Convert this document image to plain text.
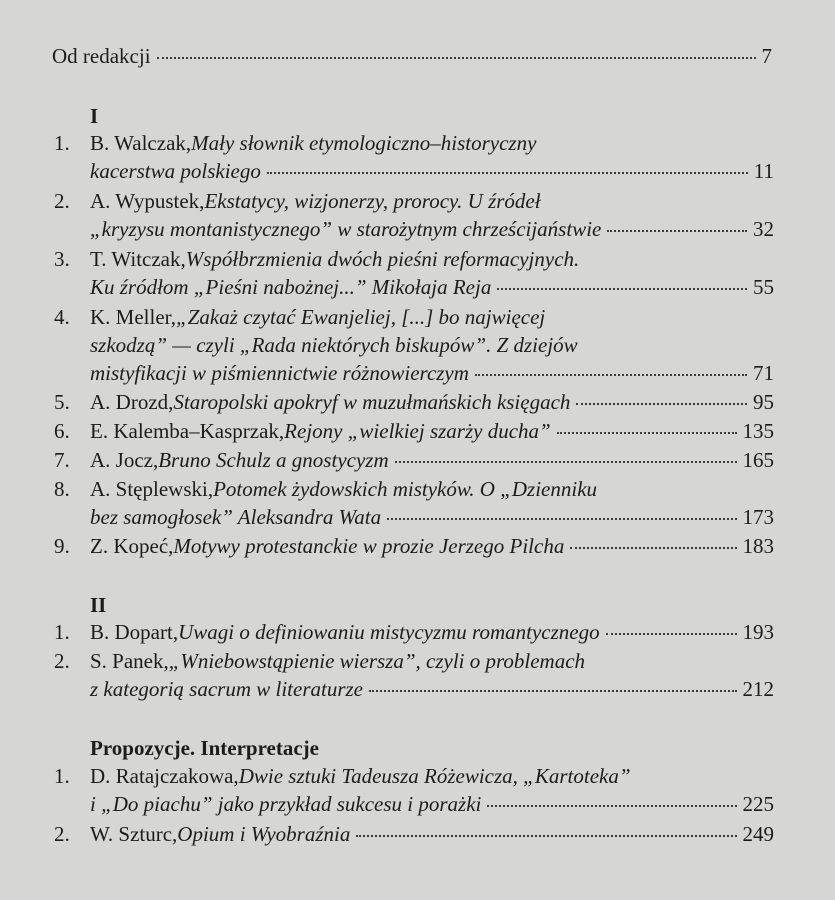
Od redakcji	7
I
1. B. Walczak, Mały słownik etymologiczno–historyczny
kacerstwa polskiego	11
2. A. Wypustek, Ekstatycy, wizjonerzy, prorocy. U źródeł
„kryzysu montanistycznego” w starożytnym chrześcijaństwie	32
3. T. Witczak, Współbrzmienia dwóch pieśni reformacyjnych.
Ku źródłom „Pieśni nabożnej...” Mikołaja Reja	55
4. K. Meller, „Zakaż czytać Ewanjeliej, [...] bo najwięcej
szkodzą” — czyli „Rada niektórych biskupów”. Z dziejów
mistyfikacji w piśmiennictwie różnowierczym	71
5. A. Drozd, Staropolski apokryf w muzułmańskich księgach	95
6. E. Kalemba–Kasprzak, Rejony „wielkiej szarży ducha”	135
7. A. Jocz, Bruno Schulz a gnostycyzm	165
8. A. Stęplewski, Potomek żydowskich mistyków. O „Dzienniku
bez samogłosek” Aleksandra Wata	173
9. Z. Kopeć, Motywy protestanckie w prozie Jerzego Pilcha	183
II
1. B. Dopart, Uwagi o definiowaniu mistycyzmu romantycznego	193
2. S. Panek, „Wniebowstąpienie wiersza”, czyli o problemach
z kategorią sacrum w literaturze	212
Propozycje. Interpretacje
1. D. Ratajczakowa, Dwie sztuki Tadeusza Różewicza, „Kartoteka”
i „Do piachu” jako przykład sukcesu i porażki	225
2. W. Szturc, Opium i Wyobraźnia	249
